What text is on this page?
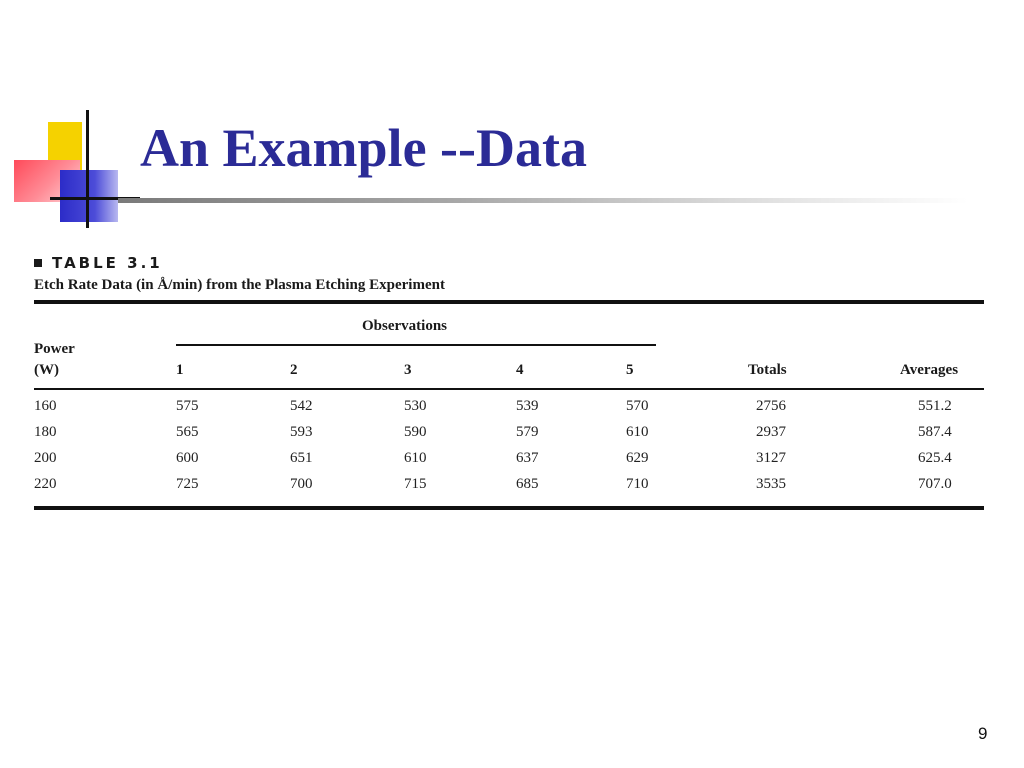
An Example --Data
TABLE 3.1
Etch Rate Data (in Å/min) from the Plasma Etching Experiment
Observations
Power
(W)	1	2	3	4	5	Totals	Averages
160	575	542	530	539	570	2756	551.2
180	565	593	590	579	610	2937	587.4
200	600	651	610	637	629	3127	625.4
220	725	700	715	685	710	3535	707.0
9
